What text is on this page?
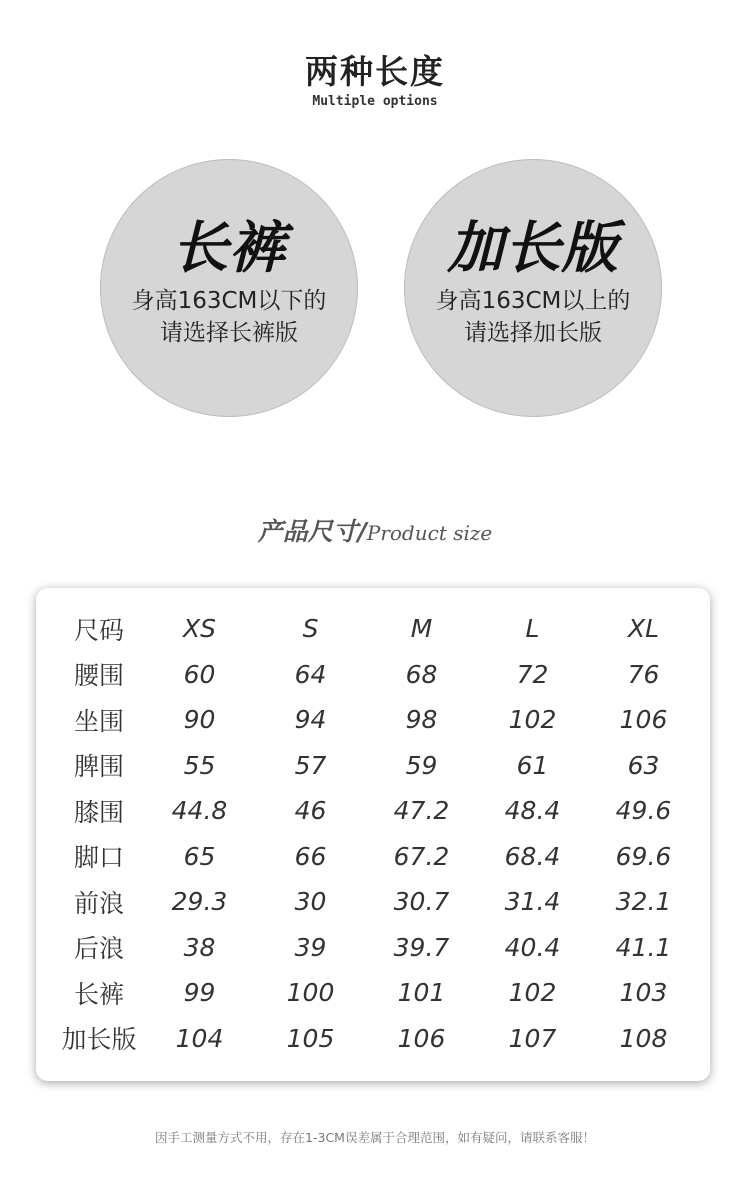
两种长度
Multiple options
长裤
身高163CM以下的
请选择长裤版
加长版
身高163CM以上的
请选择加长版
产品尺寸/Product size
尺码	XS	S	M	L	XL
腰围	60	64	68	72	76
坐围	90	94	98	102	106
脾围	55	57	59	61	63
膝围	44.8	46	47.2	48.4	49.6
脚口	65	66	67.2	68.4	69.6
前浪	29.3	30	30.7	31.4	32.1
后浪	38	39	39.7	40.4	41.1
长裤	99	100	101	102	103
加长版	104	105	106	107	108
因手工测量方式不用，存在1-3CM误差属于合理范围，如有疑问，请联系客服！
